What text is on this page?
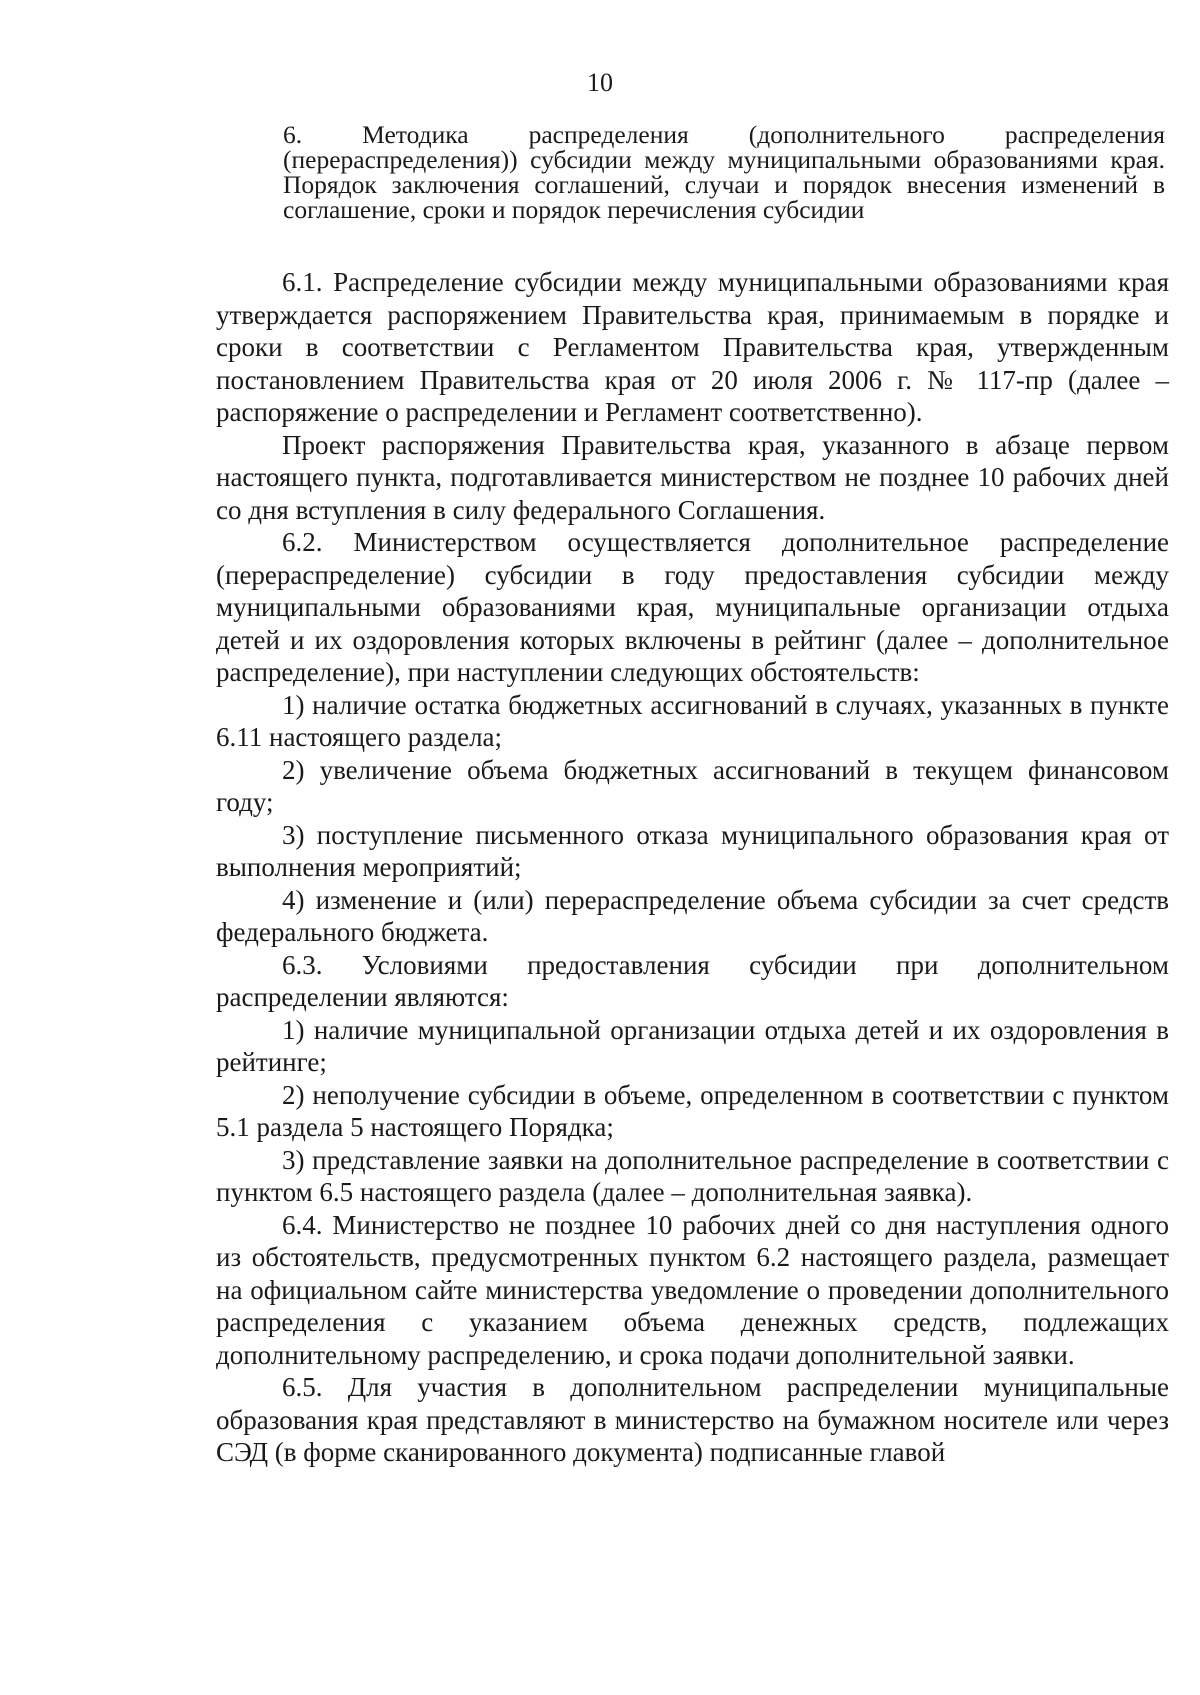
10
6. Методика распределения (дополнительного распределения (перераспределения)) субсидии между муниципальными образованиями края. Порядок заключения соглашений, случаи и порядок внесения изменений в соглашение, сроки и порядок перечисления субсидии

6.1. Распределение субсидии между муниципальными образованиями края утверждается распоряжением Правительства края, принимаемым в порядке и сроки в соответствии с Регламентом Правительства края, утвержденным постановлением Правительства края от 20 июля 2006 г. № 117-пр (далее – распоряжение о распределении и Регламент соответственно).

Проект распоряжения Правительства края, указанного в абзаце первом настоящего пункта, подготавливается министерством не позднее 10 рабочих дней со дня вступления в силу федерального Соглашения.

6.2. Министерством осуществляется дополнительное распределение (перераспределение) субсидии в году предоставления субсидии между муниципальными образованиями края, муниципальные организации отдыха детей и их оздоровления которых включены в рейтинг (далее – дополнительное распределение), при наступлении следующих обстоятельств:

1) наличие остатка бюджетных ассигнований в случаях, указанных в пункте 6.11 настоящего раздела;

2) увеличение объема бюджетных ассигнований в текущем финансовом году;

3) поступление письменного отказа муниципального образования края от выполнения мероприятий;

4) изменение и (или) перераспределение объема субсидии за счет средств федерального бюджета.

6.3. Условиями предоставления субсидии при дополнительном распределении являются:

1) наличие муниципальной организации отдыха детей и их оздоровления в рейтинге;

2) неполучение субсидии в объеме, определенном в соответствии с пунктом 5.1 раздела 5 настоящего Порядка;

3) представление заявки на дополнительное распределение в соответствии с пунктом 6.5 настоящего раздела (далее – дополнительная заявка).

6.4. Министерство не позднее 10 рабочих дней со дня наступления одного из обстоятельств, предусмотренных пунктом 6.2 настоящего раздела, размещает на официальном сайте министерства уведомление о проведении дополнительного распределения с указанием объема денежных средств, подлежащих дополнительному распределению, и срока подачи дополнительной заявки.

6.5. Для участия в дополнительном распределении муниципальные образования края представляют в министерство на бумажном носителе или через СЭД (в форме сканированного документа) подписанные главой
